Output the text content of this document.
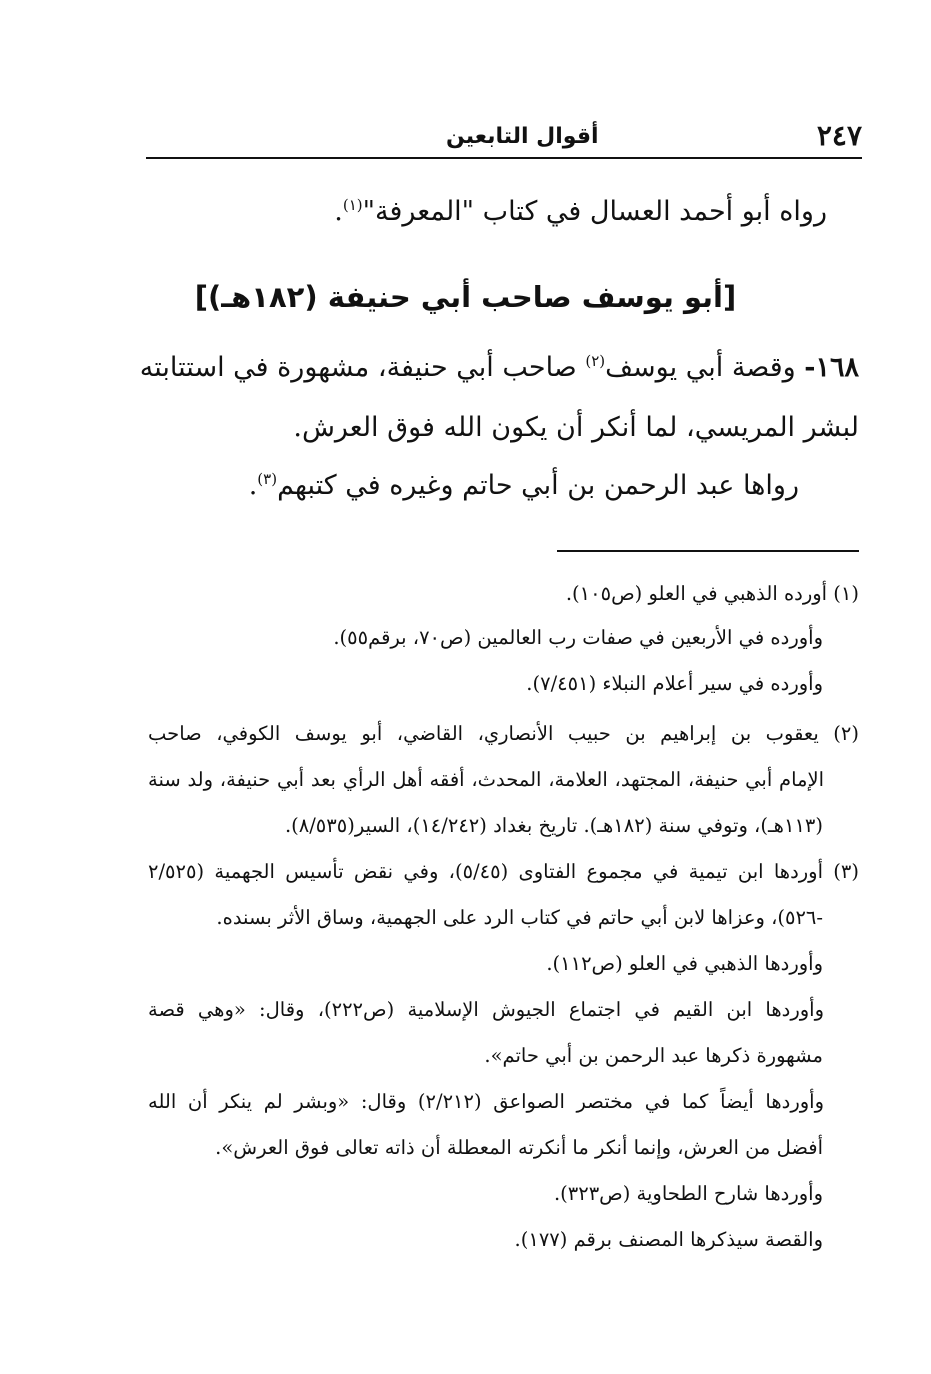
أقوال التابعين	٢٤٧
رواه أبو أحمد العسال في كتاب "المعرفة"$^{(١)}$.
[أبو يوسف صاحب أبي حنيفة (١٨٢هـ)]
١٦٨- وقصة أبي يوسف$^{(٢)}$ صاحب أبي حنيفة، مشهورة في استتابته
لبشر المريسي، لما أنكر أن يكون الله فوق العرش.
رواها عبد الرحمن بن أبي حاتم وغيره في كتبهم$^{(٣)}$.
(١) أورده الذهبي في العلو (ص١٠٥).
وأورده في الأربعين في صفات رب العالمين (ص٧٠، برقم٥٥).
وأورده في سير أعلام النبلاء (٧/٤٥١).
(٢) يعقوب بن إبراهيم بن حبيب الأنصاري، القاضي، أبو يوسف الكوفي، صاحب
الإمام أبي حنيفة، المجتهد، العلامة، المحدث، أفقه أهل الرأي بعد أبي حنيفة، ولد سنة
(١١٣هـ)، وتوفي سنة (١٨٢هـ). تاريخ بغداد (١٤/٢٤٢)، السير(٨/٥٣٥).
(٣) أوردها ابن تيمية في مجموع الفتاوى (٥/٤٥)، وفي نقض تأسيس الجهمية (٢/٥٢٥
-٥٢٦)، وعزاها لابن أبي حاتم في كتاب الرد على الجهمية، وساق الأثر بسنده.
وأوردها الذهبي في العلو (ص١١٢).
وأوردها ابن القيم في اجتماع الجيوش الإسلامية (ص٢٢٢)، وقال: «وهي قصة
مشهورة ذكرها عبد الرحمن بن أبي حاتم».
وأوردها أيضاً كما في مختصر الصواعق (٢/٢١٢) وقال: «وبشر لم ينكر أن الله
أفضل من العرش، وإنما أنكر ما أنكرته المعطلة أن ذاته تعالى فوق العرش».
وأوردها شارح الطحاوية (ص٣٢٣).
والقصة سيذكرها المصنف برقم (١٧٧).
